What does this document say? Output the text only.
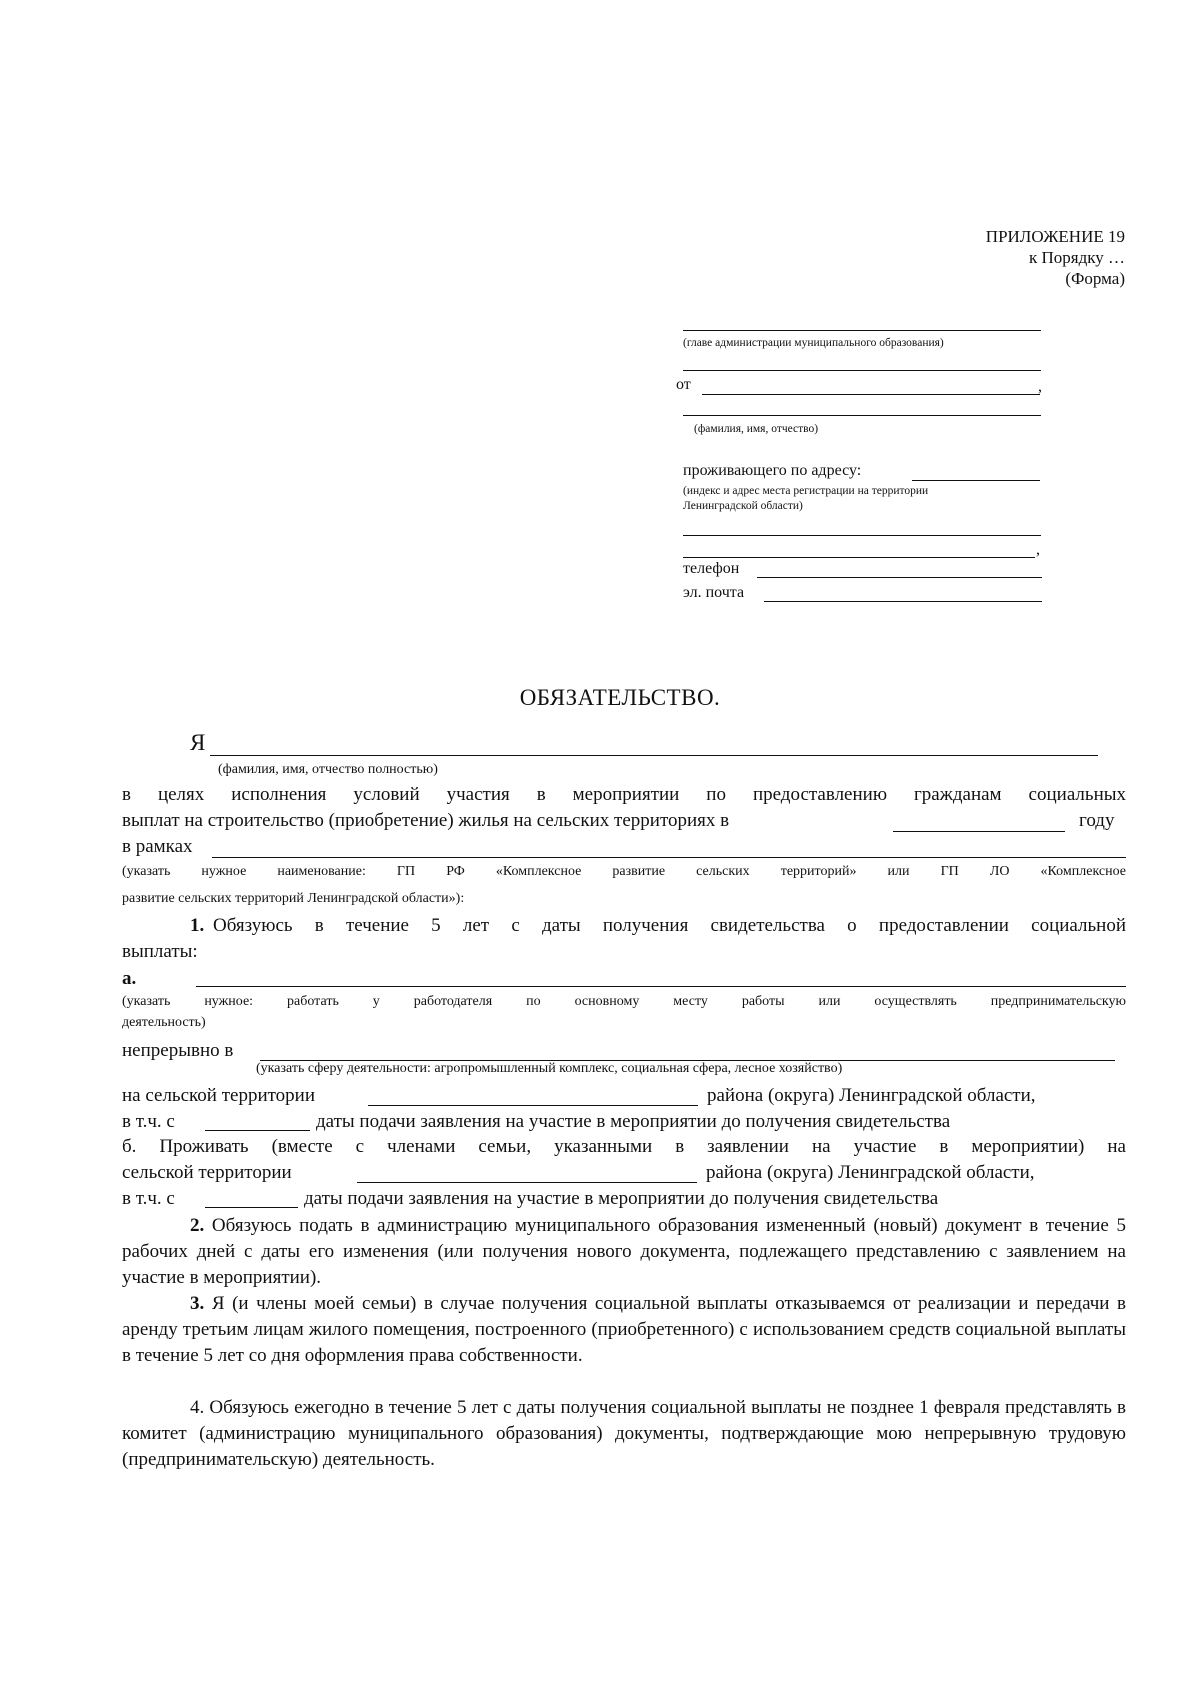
ПРИЛОЖЕНИЕ 19
к Порядку …
(Форма)
(главе администрации муниципального образования)
от	,
(фамилия, имя, отчество)
проживающего по адресу:
(индекс и адрес места регистрации на территории
Ленинградской области)
,
телефон
эл. почта
ОБЯЗАТЕЛЬСТВО.
Я
(фамилия, имя, отчество полностью)
в целях исполнения условий участия в мероприятии по предоставлению гражданам социальных
выплат на строительство (приобретение) жилья на сельских территориях в	году
в рамках
(указать нужное наименование: ГП РФ «Комплексное развитие сельских территорий» или ГП ЛО «Комплексное
развитие сельских территорий Ленинградской области»):
1. Обязуюсь в течение 5 лет с даты получения свидетельства о предоставлении социальной
выплаты:
а.
(указать нужное: работать у работодателя по основному месту работы или осуществлять предпринимательскую
деятельность)
непрерывно в
(указать сферу деятельности: агропромышленный комплекс, социальная сфера, лесное хозяйство)
на сельской территории	района (округа) Ленинградской области,
в т.ч. с	даты подачи заявления на участие в мероприятии до получения свидетельства
б. Проживать (вместе с членами семьи, указанными в заявлении на участие в мероприятии) на
сельской территории	района (округа) Ленинградской области,
в т.ч. с	даты подачи заявления на участие в мероприятии до получения свидетельства
2. Обязуюсь подать в администрацию муниципального образования измененный (новый) документ в течение 5 рабочих дней с даты его изменения (или получения нового документа, подлежащего представлению с заявлением на участие в мероприятии).
3. Я (и члены моей семьи) в случае получения социальной выплаты отказываемся от реализации и передачи в аренду третьим лицам жилого помещения, построенного (приобретенного) с использованием средств социальной выплаты в течение 5 лет со дня оформления права собственности.
4. Обязуюсь ежегодно в течение 5 лет с даты получения социальной выплаты не позднее 1 февраля представлять в комитет (администрацию муниципального образования) документы, подтверждающие мою непрерывную трудовую (предпринимательскую) деятельность.
